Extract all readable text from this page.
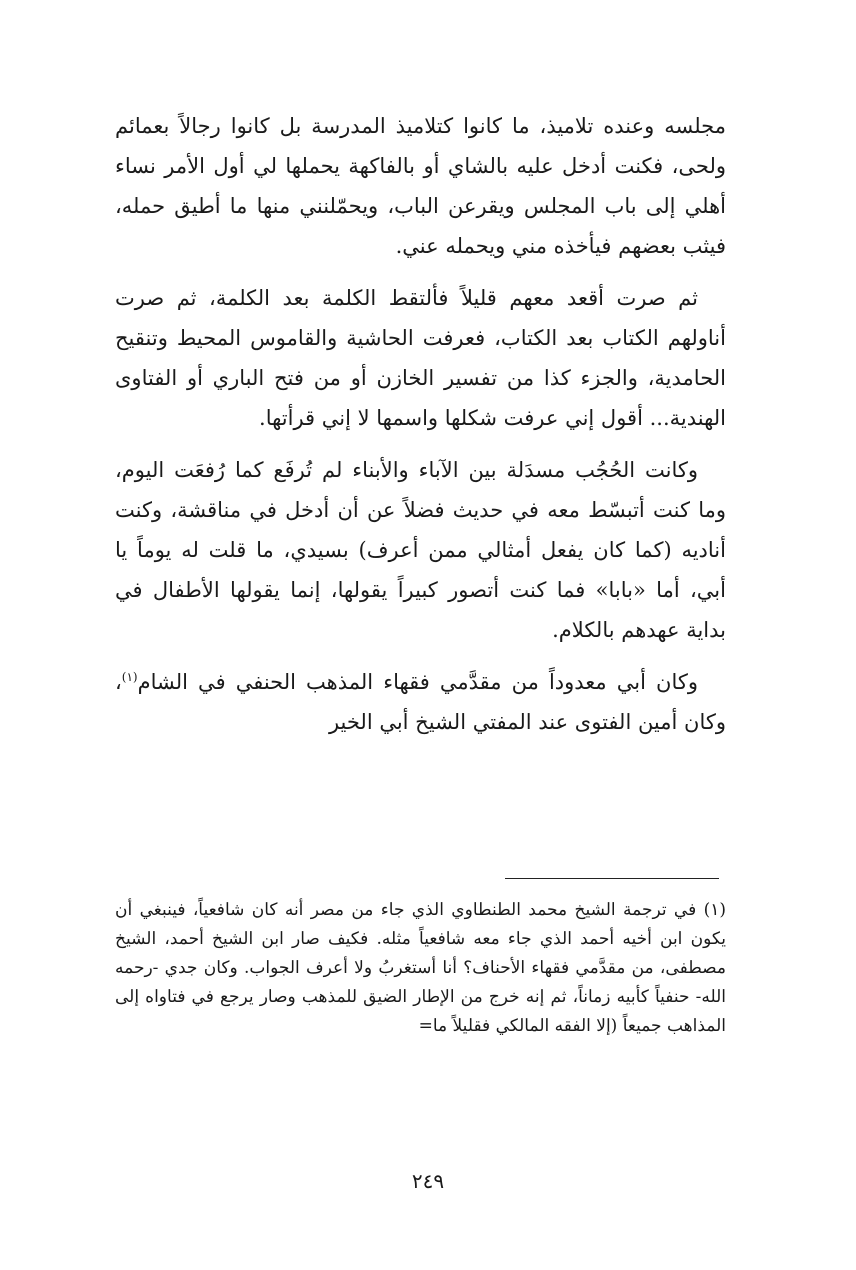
مجلسه وعنده تلاميذ، ما كانوا كتلاميذ المدرسة بل كانوا رجالاً بعمائم ولحى، فكنت أدخل عليه بالشاي أو بالفاكهة يحملها لي أول الأمر نساء أهلي إلى باب المجلس ويقرعن الباب، ويحمّلنني منها ما أطيق حمله، فيثب بعضهم فيأخذه مني ويحمله عني.

ثم صرت أقعد معهم قليلاً فألتقط الكلمة بعد الكلمة، ثم صرت أناولهم الكتاب بعد الكتاب، فعرفت الحاشية والقاموس المحيط وتنقيح الحامدية، والجزء كذا من تفسير الخازن أو من فتح الباري أو الفتاوى الهندية... أقول إني عرفت شكلها واسمها لا إني قرأتها.

وكانت الحُجُب مسدَلة بين الآباء والأبناء لم تُرفَع كما رُفعَت اليوم، وما كنت أتبسّط معه في حديث فضلاً عن أن أدخل في مناقشة، وكنت أناديه (كما كان يفعل أمثالي ممن أعرف) بسيدي، ما قلت له يوماً يا أبي، أما «بابا» فما كنت أتصور كبيراً يقولها، إنما يقولها الأطفال في بداية عهدهم بالكلام.

وكان أبي معدوداً من مقدَّمي فقهاء المذهب الحنفي في الشام$^{(١)}$، وكان أمين الفتوى عند المفتي الشيخ أبي الخير

(١) في ترجمة الشيخ محمد الطنطاوي الذي جاء من مصر أنه كان شافعياً، فينبغي أن يكون ابن أخيه أحمد الذي جاء معه شافعياً مثله. فكيف صار ابن الشيخ أحمد، الشيخ مصطفى، من مقدَّمي فقهاء الأحناف؟ أنا أستغربُ ولا أعرف الجواب. وكان جدي -رحمه الله- حنفياً كأبيه زماناً، ثم إنه خرج من الإطار الضيق للمذهب وصار يرجع في فتاواه إلى المذاهب جميعاً (إلا الفقه المالكي فقليلاً ما=

٢٤٩
